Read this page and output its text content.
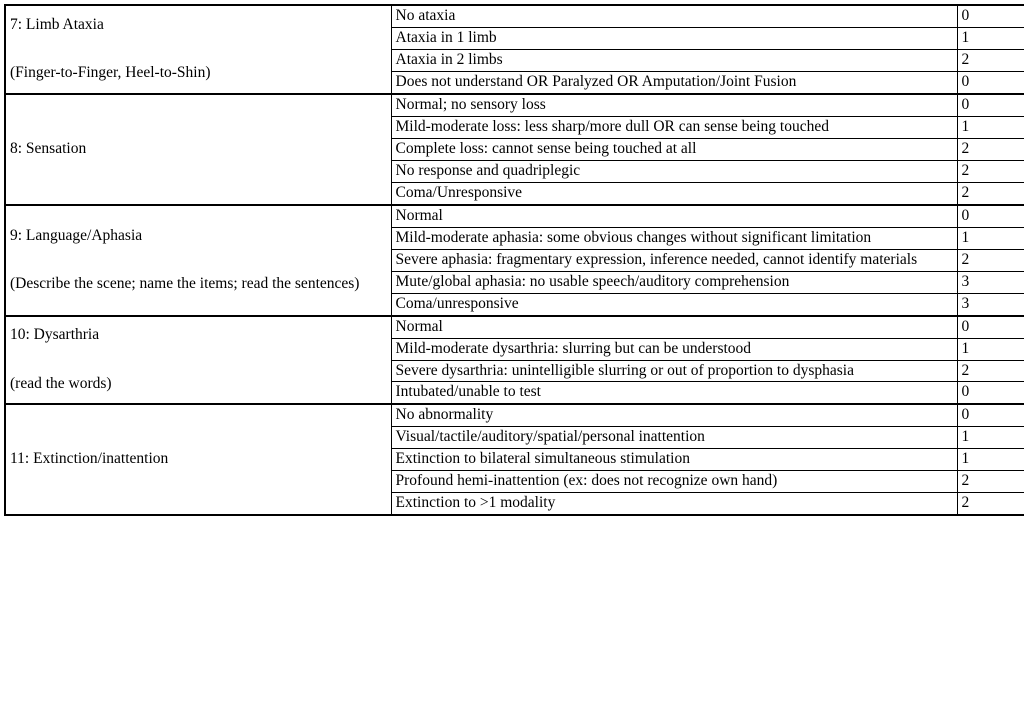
7: Limb Ataxia
(Finger-to-Finger, Heel-to-Shin)	No ataxia	0
	Ataxia in 1 limb	1
	Ataxia in 2 limbs	2
	Does not understand OR Paralyzed OR Amputation/Joint Fusion	0

8: Sensation	Normal; no sensory loss	0
	Mild-moderate loss: less sharp/more dull OR can sense being touched	1
	Complete loss: cannot sense being touched at all	2
	No response and quadriplegic	2
	Coma/Unresponsive	2

9: Language/Aphasia
(Describe the scene; name the items; read the sentences)	Normal	0
	Mild-moderate aphasia: some obvious changes without significant limitation	1
	Severe aphasia: fragmentary expression, inference needed, cannot identify materials	2
	Mute/global aphasia: no usable speech/auditory comprehension	3
	Coma/unresponsive	3

10: Dysarthria
(read the words)	Normal	0
	Mild-moderate dysarthria: slurring but can be understood	1
	Severe dysarthria: unintelligible slurring or out of proportion to dysphasia	2
	Intubated/unable to test	0

11: Extinction/inattention	No abnormality	0
	Visual/tactile/auditory/spatial/personal inattention	1
	Extinction to bilateral simultaneous stimulation	1
	Profound hemi-inattention (ex: does not recognize own hand)	2
	Extinction to >1 modality	2
